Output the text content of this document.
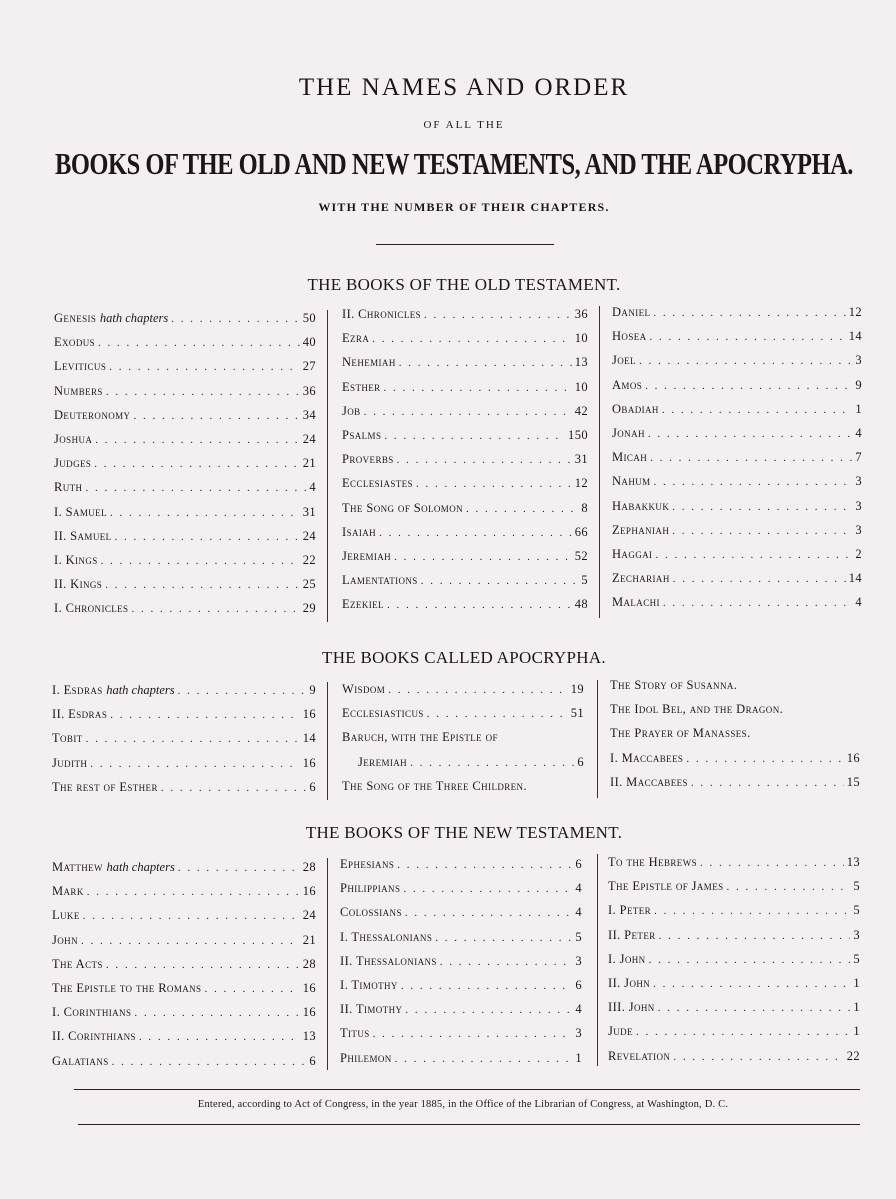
THE NAMES AND ORDER
OF ALL THE
BOOKS OF THE OLD AND NEW TESTAMENTS, AND THE APOCRYPHA.
WITH THE NUMBER OF THEIR CHAPTERS.
THE BOOKS OF THE OLD TESTAMENT.
Genesis hath chapters . . .	50
Exodus . . .	40
Leviticus . . .	27
Numbers . . .	36
Deuteronomy . . .	34
Joshua . . .	24
Judges . . .	21
Ruth . . .	4
I. Samuel . . .	31
II. Samuel . . .	24
I. Kings . . .	22
II. Kings . . .	25
I. Chronicles . . .	29
II. Chronicles . . .	36
Ezra . . .	10
Nehemiah . . .	13
Esther . . .	10
Job . . .	42
Psalms . . .	150
Proverbs . . .	31
Ecclesiastes . . .	12
The Song of Solomon . . .	8
Isaiah . . .	66
Jeremiah . . .	52
Lamentations . . .	5
Ezekiel . . .	48
Daniel . . .	12
Hosea . . .	14
Joel . . .	3
Amos . . .	9
Obadiah . . .	1
Jonah . . .	4
Micah . . .	7
Nahum . . .	3
Habakkuk . . .	3
Zephaniah . . .	3
Haggai . . .	2
Zechariah . . .	14
Malachi . . .	4
THE BOOKS CALLED APOCRYPHA.
I. Esdras hath chapters . . .	9
II. Esdras . . .	16
Tobit . . .	14
Judith . . .	16
The rest of Esther . . .	6
Wisdom . . .	19
Ecclesiasticus . . .	51
Baruch, with the Epistle of
Jeremiah . . .	6
The Song of the Three Children.
The Story of Susanna.
The Idol Bel, and the Dragon.
The Prayer of Manasses.
I. Maccabees . . .	16
II. Maccabees . . .	15
THE BOOKS OF THE NEW TESTAMENT.
Matthew hath chapters . . .	28
Mark . . .	16
Luke . . .	24
John . . .	21
The Acts . . .	28
The Epistle to the Romans . . .	16
I. Corinthians . . .	16
II. Corinthians . . .	13
Galatians . . .	6
Ephesians . . .	6
Philippians . . .	4
Colossians . . .	4
I. Thessalonians . . .	5
II. Thessalonians . . .	3
I. Timothy . . .	6
II. Timothy . . .	4
Titus . . .	3
Philemon . . .	1
To the Hebrews . . .	13
The Epistle of James . . .	5
I. Peter . . .	5
II. Peter . . .	3
I. John . . .	5
II. John . . .	1
III. John . . .	1
Jude . . .	1
Revelation . . .	22
Entered, according to Act of Congress, in the year 1885, in the Office of the Librarian of Congress, at Washington, D. C.
